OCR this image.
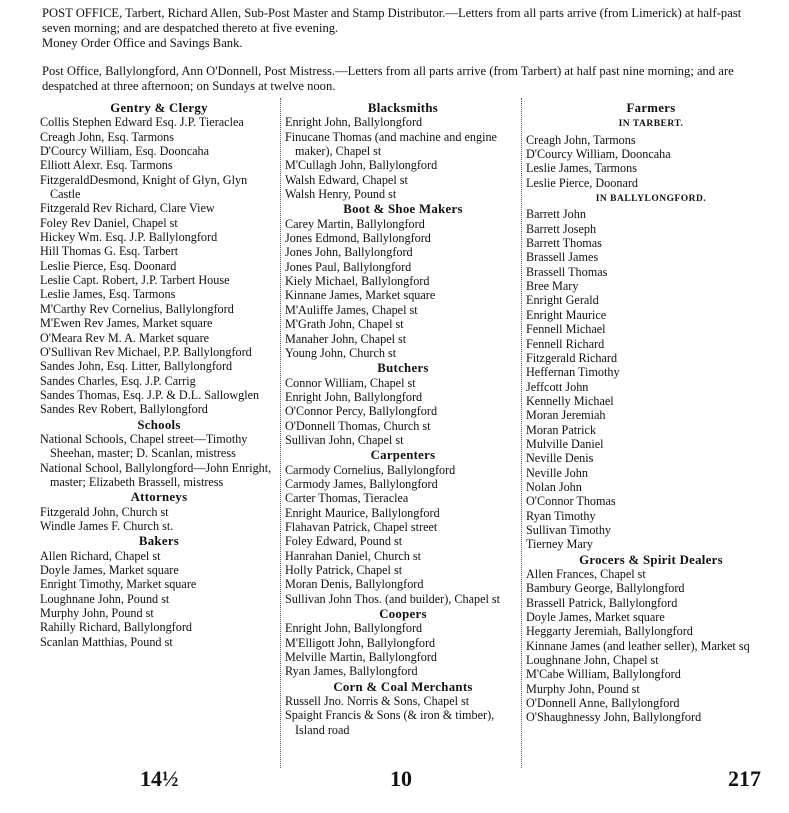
POST OFFICE, Tarbert, Richard Allen, Sub-Post Master and Stamp Distributor.—Letters from all parts arrive (from Limerick) at half-past seven morning; and are despatched thereto at five evening.
Money Order Office and Savings Bank.
Post Office, Ballylongford, Ann O'Donnell, Post Mistress.—Letters from all parts arrive (from Tarbert) at half past nine morning; and are despatched at three afternoon; on Sundays at twelve noon.
Gentry & Clergy
Collis Stephen Edward Esq. J.P. Tieraclea
Creagh John, Esq. Tarmons
D'Courcy William, Esq. Dooncaha
Elliott Alexr. Esq. Tarmons
FitzgeraldDesmond, Knight of Glyn, Glyn Castle
Fitzgerald Rev Richard, Clare View
Foley Rev Daniel, Chapel st
Hickey Wm. Esq. J.P. Ballylongford
Hill Thomas G. Esq. Tarbert
Leslie Pierce, Esq. Doonard
Leslie Capt. Robert, J.P. Tarbert House
Leslie James, Esq. Tarmons
M'Carthy Rev Cornelius, Ballylongford
M'Ewen Rev James, Market square
O'Meara Rev M. A. Market square
O'Sullivan Rev Michael, P.P. Ballylongford
Sandes John, Esq. Litter, Ballylongford
Sandes Charles, Esq. J.P. Carrig
Sandes Thomas, Esq. J.P. & D.L. Sallowglen
Sandes Rev Robert, Ballylongford
Schools
National Schools, Chapel street—Timothy Sheehan, master; D. Scanlan, mistress
National School, Ballylongford—John Enright, master; Elizabeth Brassell, mistress
Attorneys
Fitzgerald John, Church st
Windle James F. Church st.
Bakers
Allen Richard, Chapel st
Doyle James, Market square
Enright Timothy, Market square
Loughnane John, Pound st
Murphy John, Pound st
Rahilly Richard, Ballylongford
Scanlan Matthias, Pound st
Blacksmiths
Enright John, Ballylongford
Finucane Thomas (and machine and engine maker), Chapel st
M'Cullagh John, Ballylongford
Walsh Edward, Chapel st
Walsh Henry, Pound st
Boot & Shoe Makers
Carey Martin, Ballylongford
Jones Edmond, Ballylongford
Jones John, Ballylongford
Jones Paul, Ballylongford
Kiely Michael, Ballylongford
Kinnane James, Market square
M'Auliffe James, Chapel st
M'Grath John, Chapel st
Manaher John, Chapel st
Young John, Church st
Butchers
Connor William, Chapel st
Enright John, Ballylongford
O'Connor Percy, Ballylongford
O'Donnell Thomas, Church st
Sullivan John, Chapel st
Carpenters
Carmody Cornelius, Ballylongford
Carmody James, Ballylongford
Carter Thomas, Tieraclea
Enright Maurice, Ballylongford
Flahavan Patrick, Chapel street
Foley Edward, Pound st
Hanrahan Daniel, Church st
Holly Patrick, Chapel st
Moran Denis, Ballylongford
Sullivan John Thos. (and builder), Chapel st
Coopers
Enright John, Ballylongford
M'Elligott John, Ballylongford
Melville Martin, Ballylongford
Ryan James, Ballylongford
Corn & Coal Merchants
Russell Jno. Norris & Sons, Chapel st
Spaight Francis & Sons (& iron & timber), Island road
Farmers
IN TARBERT.
Creagh John, Tarmons
D'Courcy William, Dooncaha
Leslie James, Tarmons
Leslie Pierce, Doonard
IN BALLYLONGFORD.
Barrett John
Barrett Joseph
Barrett Thomas
Brassell James
Brassell Thomas
Bree Mary
Enright Gerald
Enright Maurice
Fennell Michael
Fennell Richard
Fitzgerald Richard
Heffernan Timothy
Jeffcott John
Kennelly Michael
Moran Jeremiah
Moran Patrick
Mulville Daniel
Neville Denis
Neville John
Nolan John
O'Connor Thomas
Ryan Timothy
Sullivan Timothy
Tierney Mary
Grocers & Spirit Dealers
Allen Frances, Chapel st
Bambury George, Ballylongford
Brassell Patrick, Ballylongford
Doyle James, Market square
Heggarty Jeremiah, Ballylongford
Kinnane James (and leather seller), Market sq
Loughnane John, Chapel st
M'Cabe William, Ballylongford
Murphy John, Pound st
O'Donnell Anne, Ballylongford
O'Shaughnessy John, Ballylongford
14½	10	217
